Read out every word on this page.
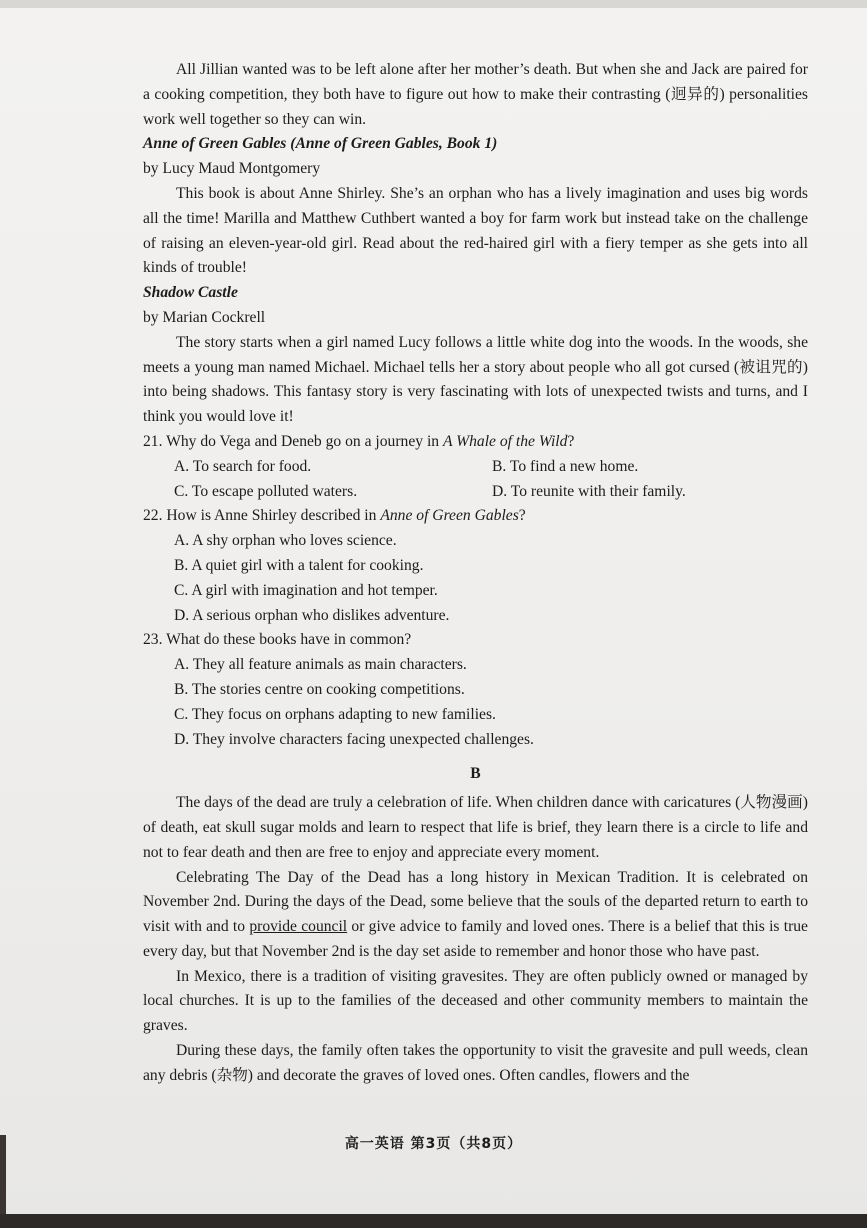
All Jillian wanted was to be left alone after her mother’s death. But when she and Jack are paired for a cooking competition, they both have to figure out how to make their contrasting (迥异的) personalities work well together so they can win.

Anne of Green Gables (Anne of Green Gables, Book 1)

by Lucy Maud Montgomery

This book is about Anne Shirley. She’s an orphan who has a lively imagination and uses big words all the time! Marilla and Matthew Cuthbert wanted a boy for farm work but instead take on the challenge of raising an eleven-year-old girl. Read about the red-haired girl with a fiery temper as she gets into all kinds of trouble!

Shadow Castle

by Marian Cockrell

The story starts when a girl named Lucy follows a little white dog into the woods. In the woods, she meets a young man named Michael. Michael tells her a story about people who all got cursed (被诅咒的) into being shadows. This fantasy story is very fascinating with lots of unexpected twists and turns, and I think you would love it!

21. Why do Vega and Deneb go on a journey in A Whale of the Wild?

A. To search for food.	B. To find a new home.
C. To escape polluted waters.	D. To reunite with their family.

22. How is Anne Shirley described in Anne of Green Gables?

A. A shy orphan who loves science.

B. A quiet girl with a talent for cooking.

C. A girl with imagination and hot temper.

D. A serious orphan who dislikes adventure.

23. What do these books have in common?

A. They all feature animals as main characters.

B. The stories centre on cooking competitions.

C. They focus on orphans adapting to new families.

D. They involve characters facing unexpected challenges.

B

The days of the dead are truly a celebration of life. When children dance with caricatures (人物漫画) of death, eat skull sugar molds and learn to respect that life is brief, they learn there is a circle to life and not to fear death and then are free to enjoy and appreciate every moment.

Celebrating The Day of the Dead has a long history in Mexican Tradition. It is celebrated on November 2nd. During the days of the Dead, some believe that the souls of the departed return to earth to visit with and to provide council or give advice to family and loved ones. There is a belief that this is true every day, but that November 2nd is the day set aside to remember and honor those who have past.

In Mexico, there is a tradition of visiting gravesites. They are often publicly owned or managed by local churches. It is up to the families of the deceased and other community members to maintain the graves.

During these days, the family often takes the opportunity to visit the gravesite and pull weeds, clean any debris (杂物) and decorate the graves of loved ones. Often candles, flowers and the

高一英语 第3页（共8页）
